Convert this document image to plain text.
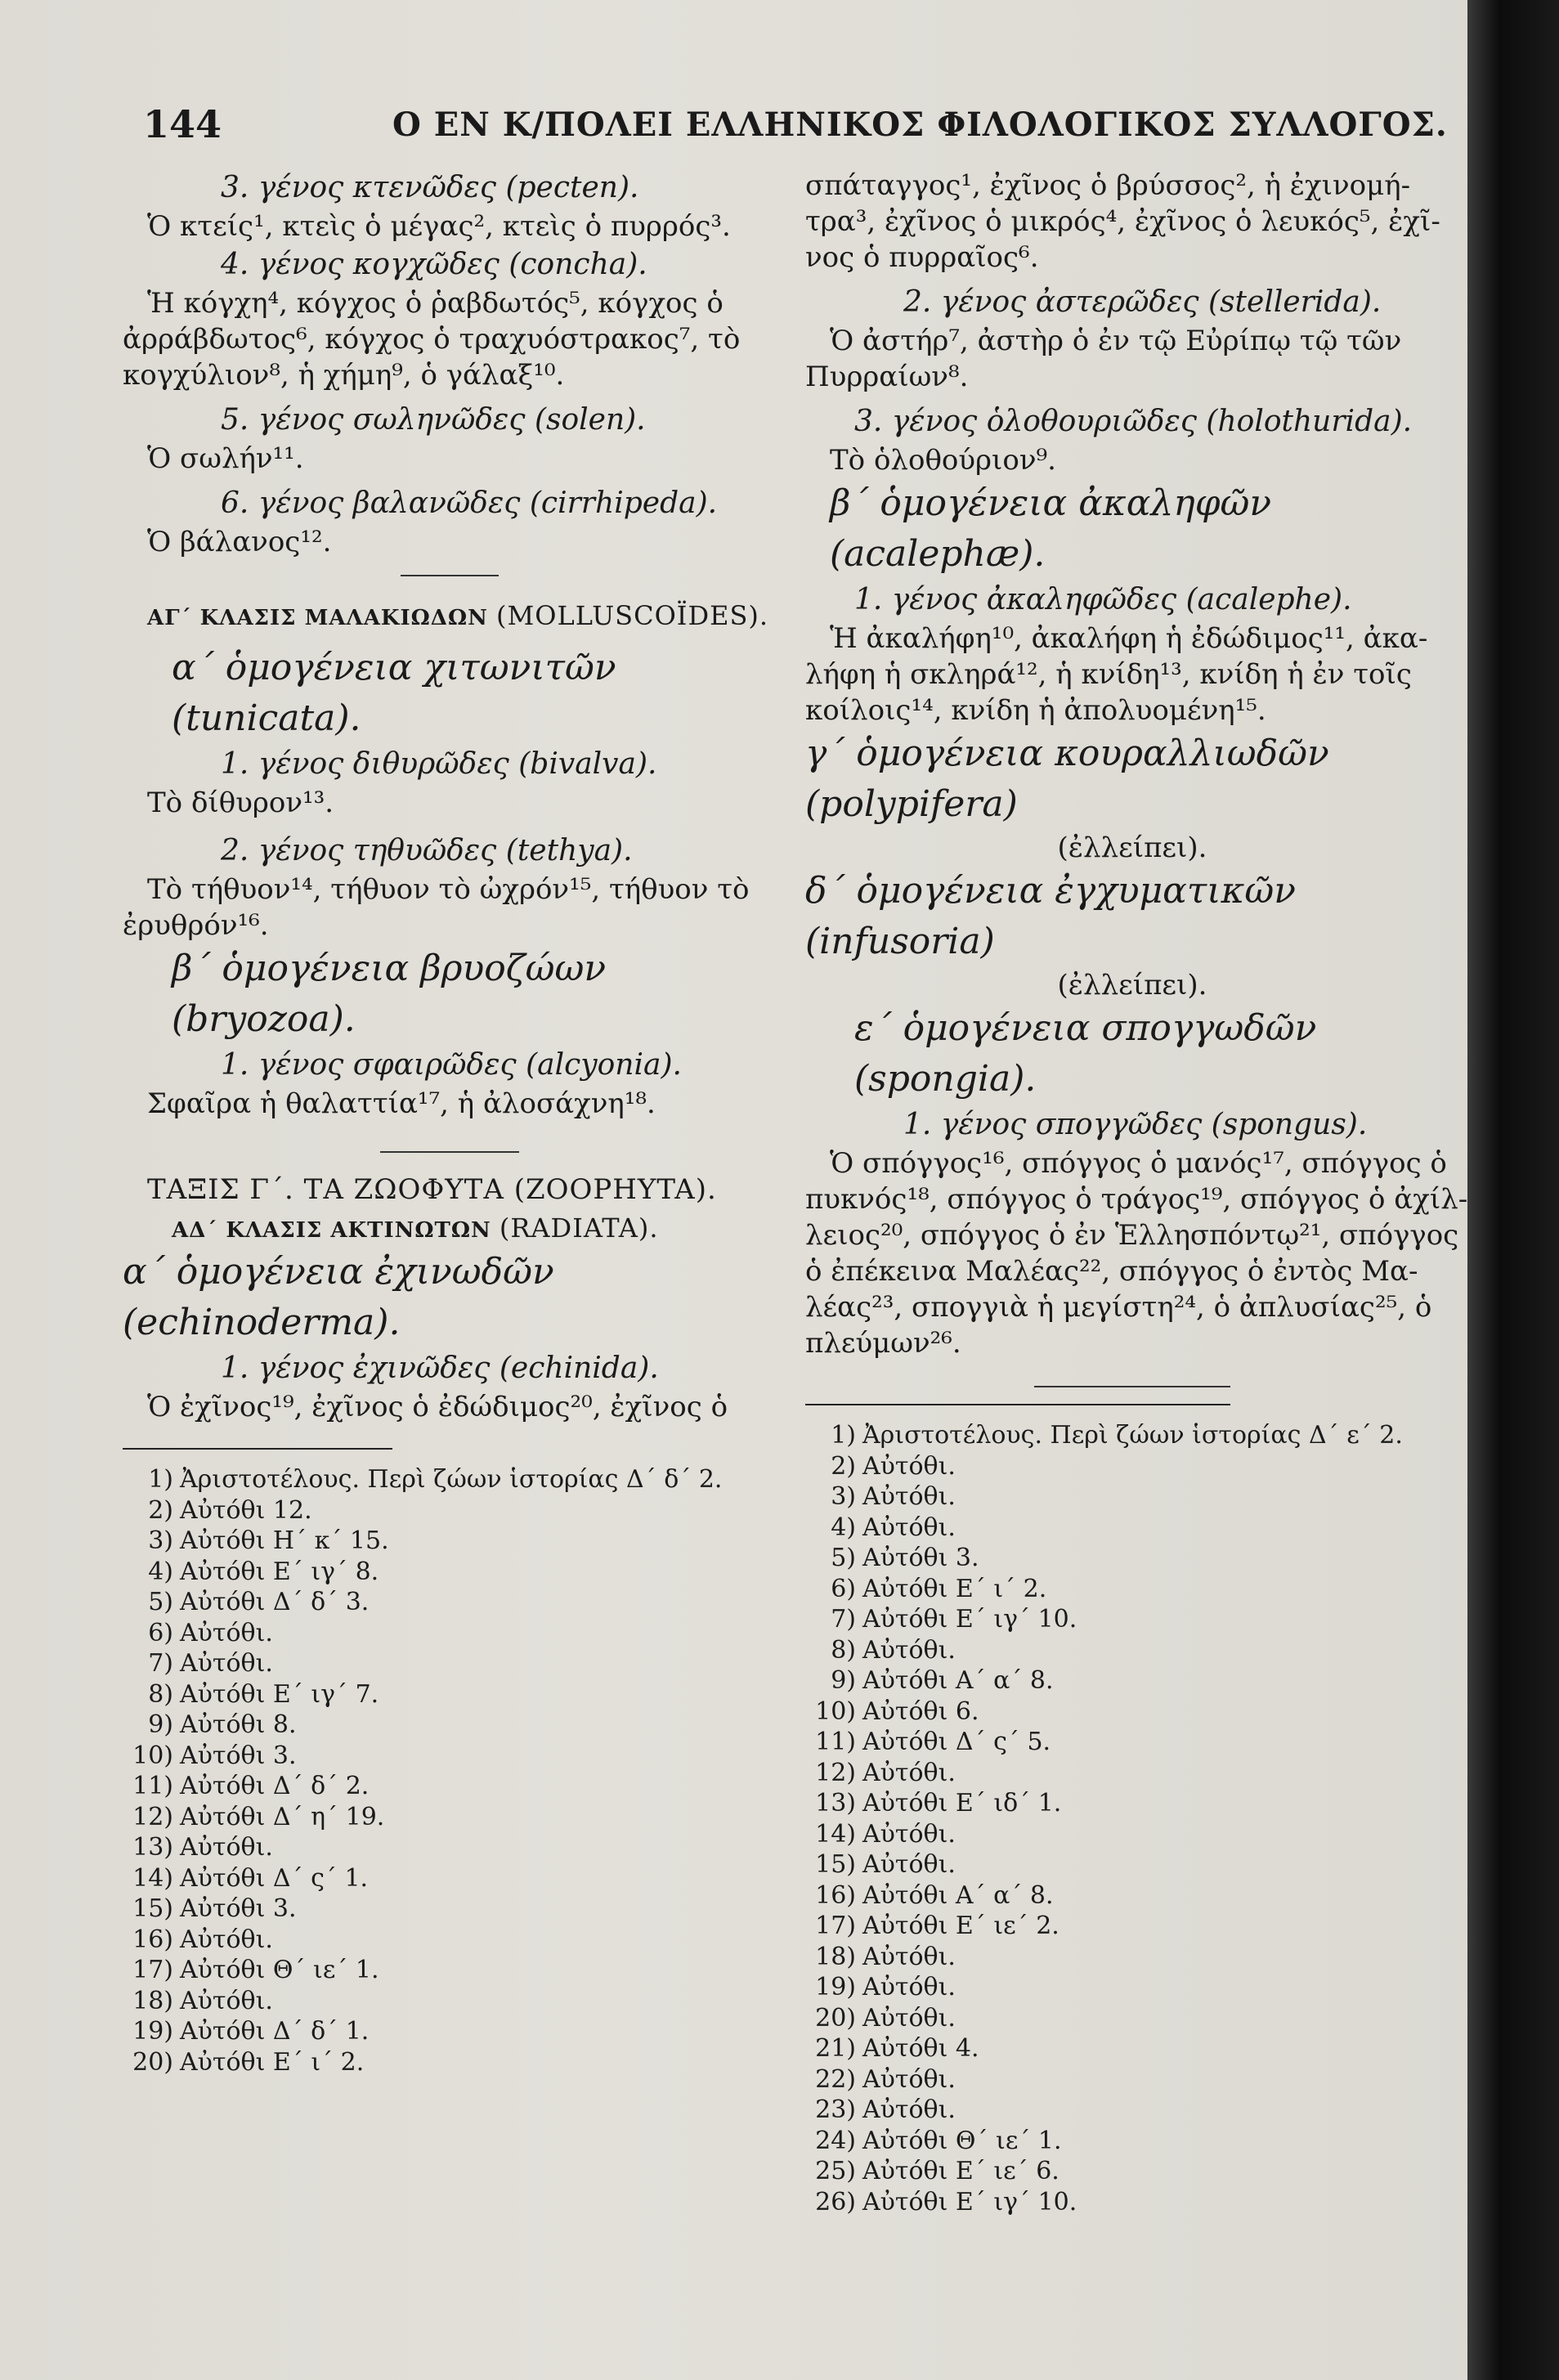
144	Ο ΕΝ Κ/ΠΟΛΕΙ ΕΛΛΗΝΙΚΟΣ ΦΙΛΟΛΟΓΙΚΟΣ ΣΥΛΛΟΓΟΣ.
3. γένος κτενῶδες (pecten).
Ὁ κτείς¹, κτεὶς ὁ μέγας², κτεὶς ὁ πυρρός³.
4. γένος κογχῶδες (concha).
Ἡ κόγχη⁴, κόγχος ὁ ῥαβδωτός⁵, κόγχος ὁ
ἀρράβδωτος⁶, κόγχος ὁ τραχυόστρακος⁷, τὸ
κογχύλιον⁸, ἡ χήμη⁹, ὁ γάλαξ¹⁰.
5. γένος σωληνῶδες (solen).
Ὁ σωλήν¹¹.
6. γένος βαλανῶδες (cirrhipeda).
Ὁ βάλανος¹².
ΑΓ΄ ΚΛΑΣΙΣ ΜΑΛΑΚΙΩΔΩΝ (MOLLUSCOÏDES).
α΄ ὁμογένεια χιτωνιτῶν (tunicata).
1. γένος διθυρῶδες (bivalva).
Τὸ δίθυρον¹³.
2. γένος τηθυῶδες (tethya).
Τὸ τήθυον¹⁴, τήθυον τὸ ὠχρόν¹⁵, τήθυον τὸ
ἐρυθρόν¹⁶.
β΄ ὁμογένεια βρυοζώων (bryozoa).
1. γένος σφαιρῶδες (alcyonia).
Σφαῖρα ἡ θαλαττία¹⁷, ἡ ἀλοσάχνη¹⁸.
ΤΑΞΙΣ Γ΄. ΤΑ ΖΩΟΦΥΤΑ (ZOOPHYTA).
ΑΔ΄ ΚΛΑΣΙΣ ΑΚΤΙΝΩΤΩΝ (RADIATA).
α΄ ὁμογένεια ἐχινωδῶν (echinoderma).
1. γένος ἐχινῶδες (echinida).
Ὁ ἐχῖνος¹⁹, ἐχῖνος ὁ ἐδώδιμος²⁰, ἐχῖνος ὁ
1) Ἀριστοτέλους. Περὶ ζώων ἱστορίας Δ΄ δ΄ 2.
2) Αὐτόθι 12.
3) Αὐτόθι Η΄ κ΄ 15.
4) Αὐτόθι Ε΄ ιγ΄ 8.
5) Αὐτόθι Δ΄ δ΄ 3.
6) Αὐτόθι.
7) Αὐτόθι.
8) Αὐτόθι Ε΄ ιγ΄ 7.
9) Αὐτόθι 8.
10) Αὐτόθι 3.
11) Αὐτόθι Δ΄ δ΄ 2.
12) Αὐτόθι Δ΄ η΄ 19.
13) Αὐτόθι.
14) Αὐτόθι Δ΄ ς΄ 1.
15) Αὐτόθι 3.
16) Αὐτόθι.
17) Αὐτόθι Θ΄ ιε΄ 1.
18) Αὐτόθι.
19) Αὐτόθι Δ΄ δ΄ 1.
20) Αὐτόθι Ε΄ ι΄ 2.
σπάταγγος¹, ἐχῖνος ὁ βρύσσος², ἡ ἐχινομή-
τρα³, ἐχῖνος ὁ μικρός⁴, ἐχῖνος ὁ λευκός⁵, ἐχῖ-
νος ὁ πυρραῖος⁶.
2. γένος ἀστερῶδες (stellerida).
Ὁ ἀστήρ⁷, ἀστὴρ ὁ ἐν τῷ Εὐρίπῳ τῷ τῶν
Πυρραίων⁸.
3. γένος ὁλοθουριῶδες (holothurida).
Τὸ ὁλοθούριον⁹.
β΄ ὁμογένεια ἀκαληφῶν (acalephæ).
1. γένος ἀκαληφῶδες (acalephe).
Ἡ ἀκαλήφη¹⁰, ἀκαλήφη ἡ ἐδώδιμος¹¹, ἀκα-
λήφη ἡ σκληρά¹², ἡ κνίδη¹³, κνίδη ἡ ἐν τοῖς
κοίλοις¹⁴, κνίδη ἡ ἀπολυομένη¹⁵.
γ΄ ὁμογένεια κουραλλιωδῶν (polypifera)
(ἐλλείπει).
δ΄ ὁμογένεια ἐγχυματικῶν (infusoria)
(ἐλλείπει).
ε΄ ὁμογένεια σπογγωδῶν (spongia).
1. γένος σπογγῶδες (spongus).
Ὁ σπόγγος¹⁶, σπόγγος ὁ μανός¹⁷, σπόγγος ὁ
πυκνός¹⁸, σπόγγος ὁ τράγος¹⁹, σπόγγος ὁ ἀχίλ-
λειος²⁰, σπόγγος ὁ ἐν Ἑλλησπόντῳ²¹, σπόγγος
ὁ ἐπέκεινα Μαλέας²², σπόγγος ὁ ἐντὸς Μα-
λέας²³, σπογγιὰ ἡ μεγίστη²⁴, ὁ ἀπλυσίας²⁵, ὁ
πλεύμων²⁶.
1) Ἀριστοτέλους. Περὶ ζώων ἱστορίας Δ΄ ε΄ 2.
2) Αὐτόθι.
3) Αὐτόθι.
4) Αὐτόθι.
5) Αὐτόθι 3.
6) Αὐτόθι Ε΄ ι΄ 2.
7) Αὐτόθι Ε΄ ιγ΄ 10.
8) Αὐτόθι.
9) Αὐτόθι Α΄ α΄ 8.
10) Αὐτόθι 6.
11) Αὐτόθι Δ΄ ς΄ 5.
12) Αὐτόθι.
13) Αὐτόθι Ε΄ ιδ΄ 1.
14) Αὐτόθι.
15) Αὐτόθι.
16) Αὐτόθι Α΄ α΄ 8.
17) Αὐτόθι Ε΄ ιε΄ 2.
18) Αὐτόθι.
19) Αὐτόθι.
20) Αὐτόθι.
21) Αὐτόθι 4.
22) Αὐτόθι.
23) Αὐτόθι.
24) Αὐτόθι Θ΄ ιε΄ 1.
25) Αὐτόθι Ε΄ ιε΄ 6.
26) Αὐτόθι Ε΄ ιγ΄ 10.
